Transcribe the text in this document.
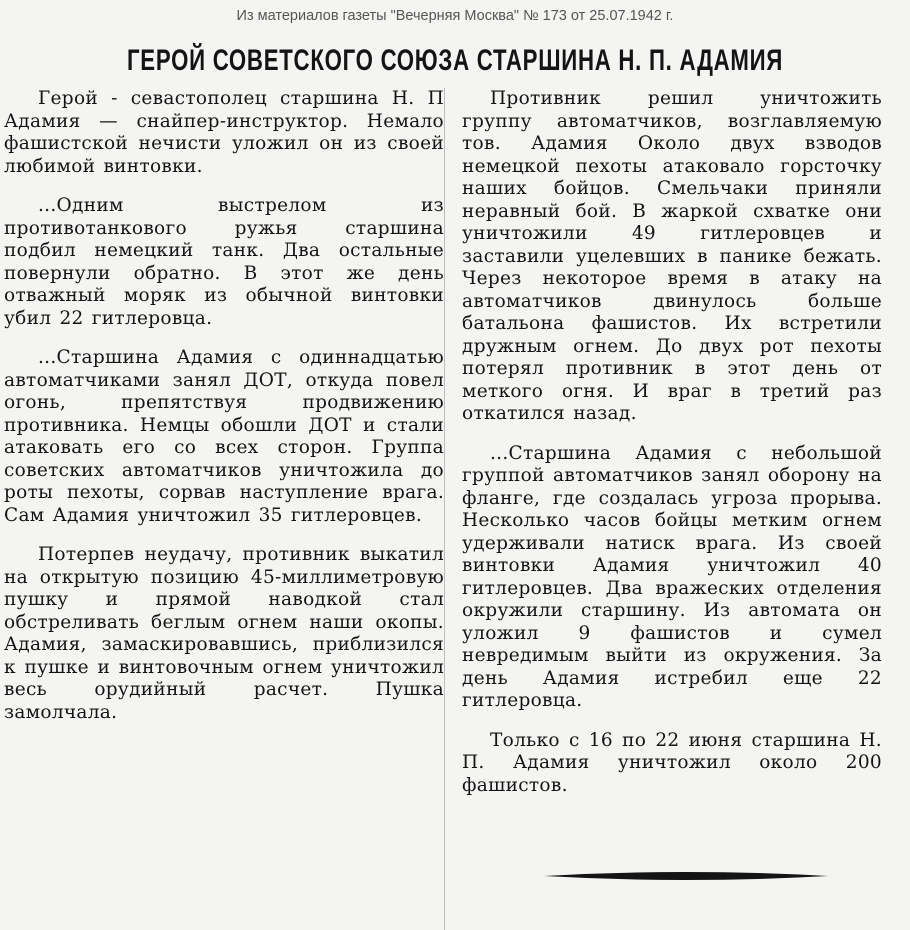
Из материалов газеты "Вечерняя Москва" № 173 от 25.07.1942 г.
ГЕРОЙ СОВЕТСКОГО СОЮЗА СТАРШИНА Н. П. АДАМИЯ

Герой - севастополец старшина Н. П Адамия — снайпер-инструктор. Немало фашистской нечисти уложил он из своей любимой винтовки.

...Одним выстрелом из противотанкового ружья старшина подбил немецкий танк. Два остальные повернули обратно. В этот же день отважный моряк из обычной винтовки убил 22 гитлеровца.

...Старшина Адамия с одиннадцатью автоматчиками занял ДОТ, откуда повел огонь, препятствуя продвижению противника. Немцы обошли ДОТ и стали атаковать его со всех сторон. Группа советских автоматчиков уничтожила до роты пехоты, сорвав наступление врага. Сам Адамия уничтожил 35 гитлеровцев.

Потерпев неудачу, противник выкатил на открытую позицию 45-миллиметровую пушку и прямой наводкой стал обстреливать беглым огнем наши окопы. Адамия, замаскировавшись, приблизился к пушке и винтовочным огнем уничтожил весь орудийный расчет. Пушка замолчала.

Противник решил уничтожить группу автоматчиков, возглавляемую тов. Адамия Около двух взводов немецкой пехоты атаковало горсточку наших бойцов. Смельчаки приняли неравный бой. В жаркой схватке они уничтожили 49 гитлеровцев и заставили уцелевших в панике бежать. Через некоторое время в атаку на автоматчиков двинулось больше батальона фашистов. Их встретили дружным огнем. До двух рот пехоты потерял противник в этот день от меткого огня. И враг в третий раз откатился назад.

...Старшина Адамия с небольшой группой автоматчиков занял оборону на фланге, где создалась угроза прорыва. Несколько часов бойцы метким огнем удерживали натиск врага. Из своей винтовки Адамия уничтожил 40 гитлеровцев. Два вражеских отделения окружили старшину. Из автомата он уложил 9 фашистов и сумел невредимым выйти из окружения. За день Адамия истребил еще 22 гитлеровца.

Только с 16 по 22 июня старшина Н. П. Адамия уничтожил около 200 фашистов.
